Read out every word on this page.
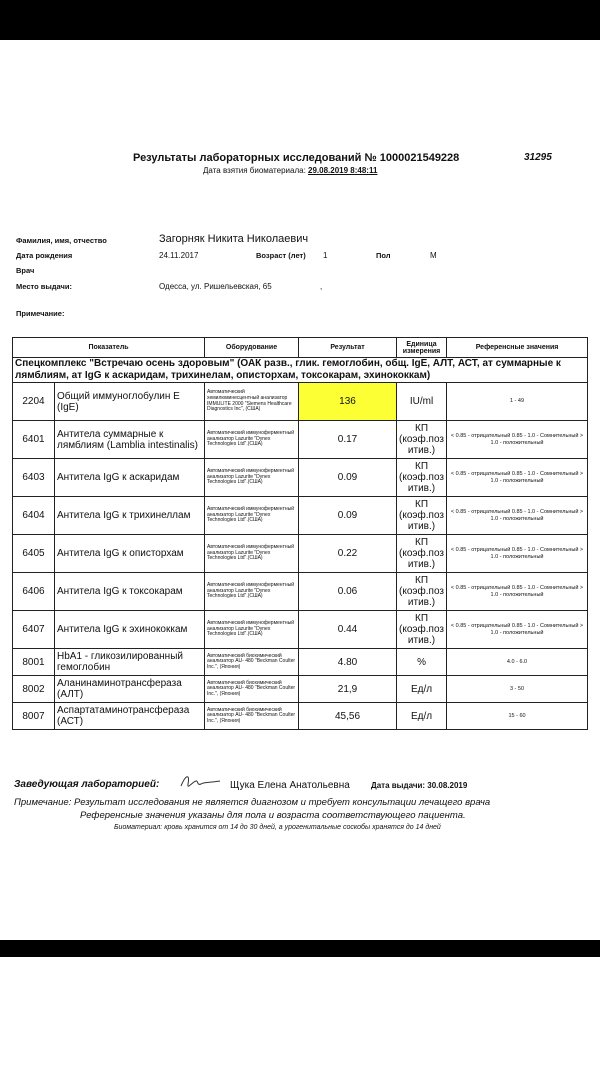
Результаты лабораторных исследований № 1000021549228	31295
Дата взятия биоматериала: 29.08.2019 8:48:11
Фамилия, имя, отчество	Загорняк Никита Николаевич
Дата рождения	24.11.2017	Возраст (лет) 1	Пол	М
Врач
Место выдачи:	Одесса, ул. Ришельевская, 65	,
Примечание:
Показатель		Оборудование	Результат	Единица измерения	Референсные значения
Спецкомплекс "Встречаю осень здоровым" (ОАК разв., глик. гемоглобин, общ. IgE, АЛТ, АСТ, ат суммарные к лямблиям, ат IgG к аскаридам, трихинелам, описторхам, токсокарам, эхинококкам)					
2204	Общий иммуноглобулин Е (IgE)	Автоматический хемилюминесцентный анализатор IMMULITE 2000 "Siemens Healthcare Diagnostics Inc", (США)	136	IU/ml	1 - 49
6401	Антитела суммарные к лямблиям (Lamblia intestinalis)	Автоматический иммуноферментный анализатор Lazurite "Dynex Technologies Ltd".(США)	0.17	КП (коэф.поз итив.)	< 0.85 - отрицательный 0.85 - 1.0 - Сомнительный > 1.0 - положительный
6403	Антитела IgG к аскаридам	Автоматический иммуноферментный анализатор Lazurite "Dynex Technologies Ltd".(США)	0.09	КП (коэф.поз итив.)	< 0.85 - отрицательный 0.85 - 1.0 - Сомнительный > 1.0 - положительный
6404	Антитела IgG к трихинеллам	Автоматический иммуноферментный анализатор Lazurite "Dynex Technologies Ltd".(США)	0.09	КП (коэф.поз итив.)	< 0.85 - отрицательный 0.85 - 1.0 - Сомнительный > 1.0 - положительный
6405	Антитела IgG к описторхам	Автоматический иммуноферментный анализатор Lazurite "Dynex Technologies Ltd".(США)	0.22	КП (коэф.поз итив.)	< 0.85 - отрицательный 0.85 - 1.0 - Сомнительный > 1.0 - положительный
6406	Антитела IgG к токсокарам	Автоматический иммуноферментный анализатор Lazurite "Dynex Technologies Ltd".(США)	0.06	КП (коэф.поз итив.)	< 0.85 - отрицательный 0.85 - 1.0 - Сомнительный > 1.0 - положительный
6407	Антитела IgG к эхинококкам	Автоматический иммуноферментный анализатор Lazurite "Dynex Technologies Ltd".(США)	0.44	КП (коэф.поз итив.)	< 0.85 - отрицательный 0.85 - 1.0 - Сомнительный > 1.0 - положительный
8001	HbA1 - гликозилированный гемоглобин	Автоматический биохимический анализатор AU- 480 "Beckman Coulter Inc.", (Япония)	4.80	%	4.0 - 6.0
8002	Аланинаминотрансфераза (АЛТ)	Автоматический биохимический анализатор AU- 480 "Beckman Coulter Inc.", (Япония)	21,9	Ед/л	3 - 50
8007	Аспартатаминотрансфераза (АСТ)	Автоматический биохимический анализатор AU- 480 "Beckman Coulter Inc.", (Япония)	45,56	Ед/л	15 - 60
Заведующая лабораторией:	Щука Елена Анатольевна	Дата выдачи: 30.08.2019
Примечание: Результат исследования не является диагнозом и требует консультации лечащего врача
Референсные значения указаны для пола и возраста соответствующего пациента.
Биоматериал: кровь хранится от 14 до 30 дней, а урогенитальные соскобы хранятся до 14 дней
